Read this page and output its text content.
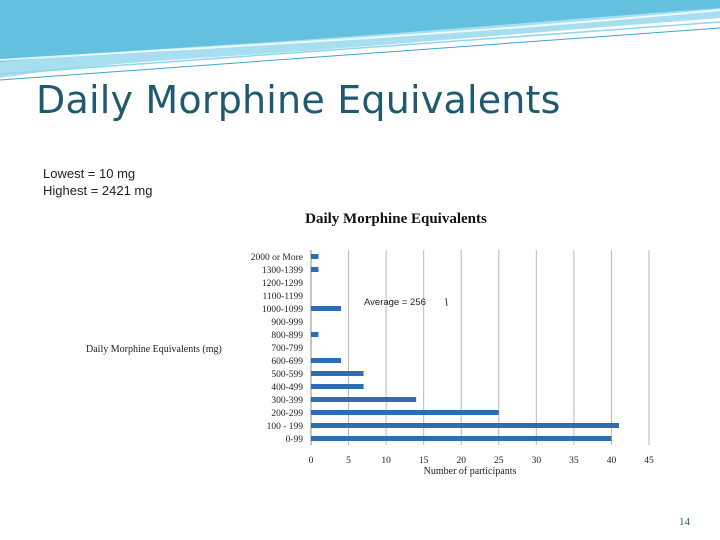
Daily Morphine Equivalents
Lowest = 10 mg
Highest = 2421 mg
Daily Morphine Equivalents
2000 or More
1300-1399
1200-1299
1100-1199
1000-1099
900-999
800-899
700-799
600-699
500-599
400-499
300-399
200-299
100 - 199
0-99
0	5	10	15	20	25	30	35	40	45
Number of participants
Daily Morphine Equivalents (mg)
Average = 256
14
